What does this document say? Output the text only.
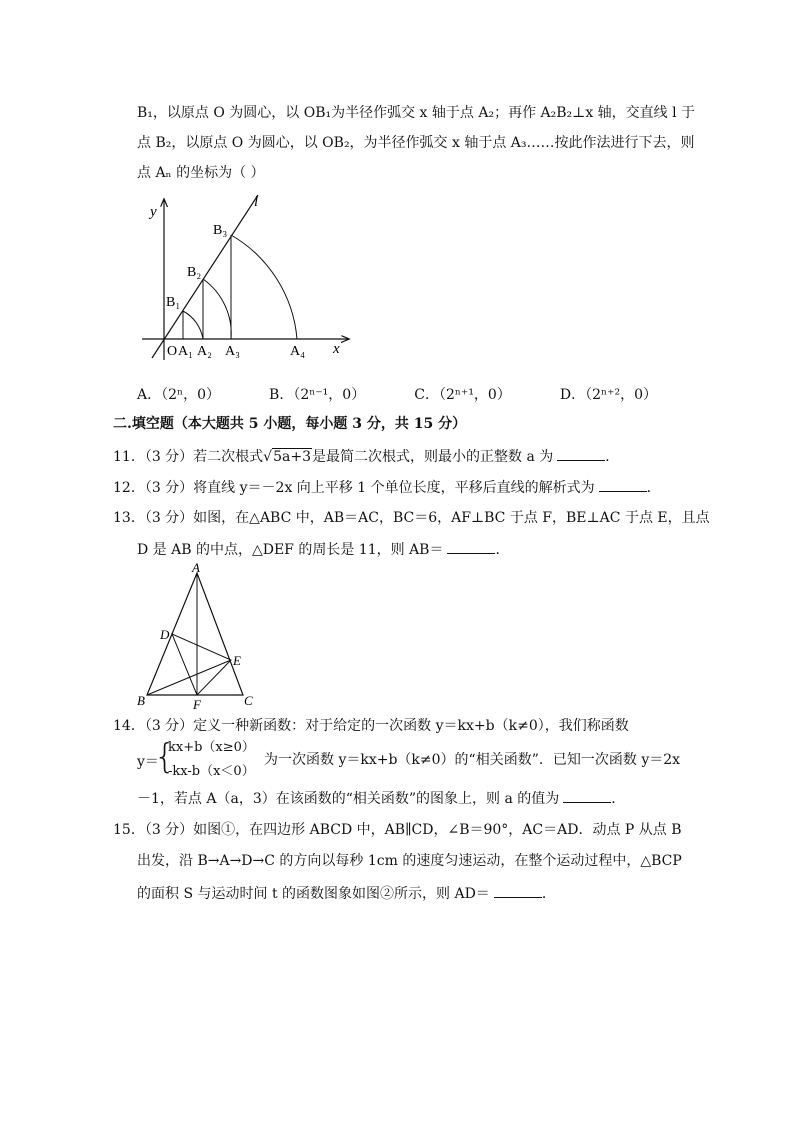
B₁，以原点 O 为圆心，以 OB₁为半径作弧交 x 轴于点 A₂；再作 A₂B₂⊥x 轴，交直线 l 于
点 B₂，以原点 O 为圆心，以 OB₂，为半径作弧交 x 轴于点 A₃……按此作法进行下去，则
点 Aₙ 的坐标为（ ）
y
x
l
O A₁ A₂ A₃	A₄
B₁
B₂
B₃
A．（2ⁿ，0）	B．（2ⁿ⁻¹，0）	C．（2ⁿ⁺¹，0）	D．（2ⁿ⁺²，0）
二.填空题（本大题共 5 小题，每小题 3 分，共 15 分）
11．（3 分）若二次根式√5a+3是最简二次根式，则最小的正整数 a 为	．
12．（3 分）将直线 y＝－2x 向上平移 1 个单位长度，平移后直线的解析式为	．
13．（3 分）如图，在△ABC 中，AB＝AC，BC＝6，AF⊥BC 于点 F，BE⊥AC 于点 E，且点
D 是 AB 的中点，△DEF 的周长是 11，则 AB＝	．
A
B	C
D
E
F
14．（3 分）定义一种新函数：对于给定的一次函数 y＝kx+b（k≠0），我们称函数
y＝
{
kx+b（x≥0）
-kx-b（x＜0）
为一次函数 y＝kx+b（k≠0）的“相关函数”．已知一次函数 y＝2x
－1，若点 A（a，3）在该函数的“相关函数”的图象上，则 a 的值为	．
15．（3 分）如图①，在四边形 ABCD 中，AB∥CD，∠B＝90°，AC＝AD．动点 P 从点 B
出发，沿 B→A→D→C 的方向以每秒 1cm 的速度匀速运动，在整个运动过程中，△BCP
的面积 S 与运动时间 t 的函数图象如图②所示，则 AD＝	．
